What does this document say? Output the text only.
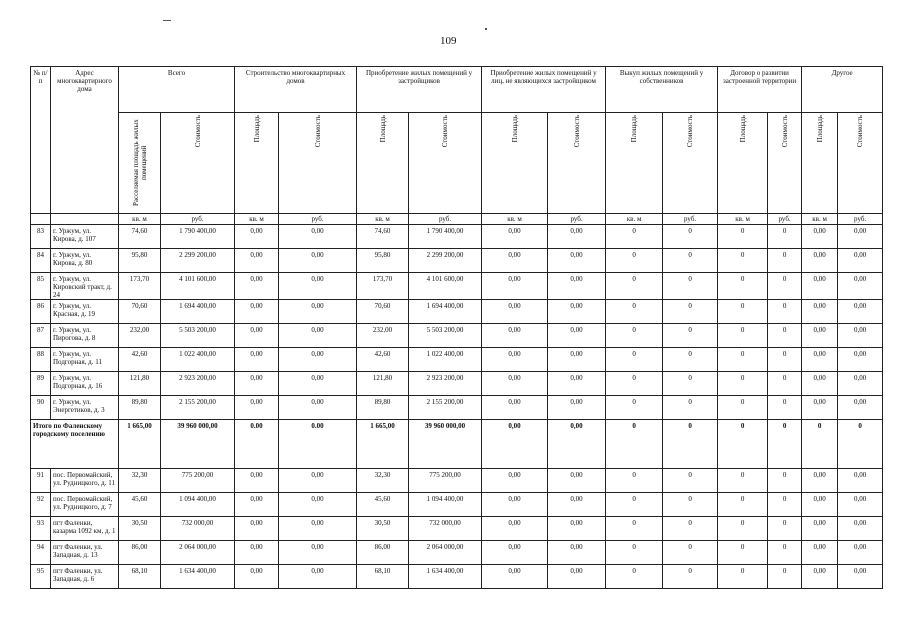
109
№ п/п	Адрес многоквартирного дома	Всего		Строительство многоквартирных домов		Приобретение жилых помещений у застройщиков		Приобретение жилых помещений у лиц, не являющихся застройщиком		Выкуп жилых помещений у собственников		Договор о развитии застроенной территории		Другое	
		Расселяемая площадь жилых помещений	Стоимость	Площадь	Стоимость	Площадь	Стоимость	Площадь	Стоимость	Площадь	Стоимость	Площадь	Стоимость	Площадь	Стоимость
		кв. м	руб.	кв. м	руб.	кв. м	руб.	кв. м	руб.	кв. м	руб.	кв. м	руб.	кв. м	руб.
83	г. Уржум, ул. Кирова, д. 107	74,60	1 790 400,00	0,00	0,00	74,60	1 790 400,00	0,00	0,00	0	0	0	0	0,00	0,00
84	г. Уржум, ул. Кирова, д. 80	95,80	2 299 200,00	0,00	0,00	95,80	2 299 200,00	0,00	0,00	0	0	0	0	0,00	0,00
85	г. Уржум, ул. Кировский тракт, д. 24	173,70	4 101 600,00	0,00	0,00	173,70	4 101 600,00	0,00	0,00	0	0	0	0	0,00	0,00
86	г. Уржум, ул. Красная, д. 19	70,60	1 694 400,00	0,00	0,00	70,60	1 694 400,00	0,00	0,00	0	0	0	0	0,00	0,00
87	г. Уржум, ул. Пирогова, д. 8	232,00	5 503 200,00	0,00	0,00	232,00	5 503 200,00	0,00	0,00	0	0	0	0	0,00	0,00
88	г. Уржум, ул. Подгорная, д. 11	42,60	1 022 400,00	0,00	0,00	42,60	1 022 400,00	0,00	0,00	0	0	0	0	0,00	0,00
89	г. Уржум, ул. Подгорная, д. 16	121,80	2 923 200,00	0,00	0,00	121,80	2 923 200,00	0,00	0,00	0	0	0	0	0,00	0,00
90	г. Уржум, ул. Энергетиков, д. 3	89,80	2 155 200,00	0,00	0,00	89,80	2 155 200,00	0,00	0,00	0	0	0	0	0,00	0,00
Итого по Фаленскому городскому поселению		1 665,00	39 960 000,00	0.00	0.00	1 665,00	39 960 000,00	0,00	0,00	0	0	0	0	0	0
91	пос. Первомайский, ул. Рудницкого, д. 11	32,30	775 200,00	0,00	0,00	32,30	775 200,00	0,00	0,00	0	0	0	0	0,00	0,00
92	пос. Первомайский, ул. Рудницкого, д. 7	45,60	1 094 400,00	0,00	0,00	45,60	1 094 400,00	0,00	0,00	0	0	0	0	0,00	0,00
93	пгт Фаленки, казарма 1092 км, д. 1	30,50	732 000,00	0,00	0,00	30,50	732 000,00	0,00	0,00	0	0	0	0	0,00	0,00
94	пгт Фаленки, ул. Западная, д. 13	86,00	2 064 000,00	0,00	0,00	86,00	2 064 000,00	0,00	0,00	0	0	0	0	0,00	0,00
95	пгт Фаленки, ул. Западная, д. 6	68,10	1 634 400,00	0,00	0,00	68,10	1 634 400,00	0,00	0,00	0	0	0	0	0,00	0,00
